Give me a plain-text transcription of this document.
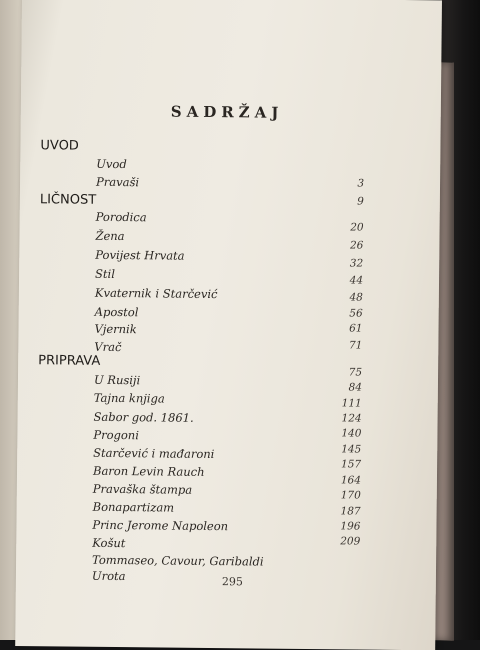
SADRŽAJ
UVOD
LIČNOST
PRIPRAVA
Uvod
Pravaši
Porodica
Žena
Povijest Hrvata
Stil
Kvaternik i Starčević
Apostol
Vjernik
Vrač
U Rusiji
Tajna knjiga
Sabor god. 1861.
Progoni
Starčević i mađaroni
Baron Levin Rauch
Pravaška štampa
Bonapartizam
Princ Jerome Napoleon
Košut
Tommaseo, Cavour, Garibaldi
Urota
3
9
20
26
32
44
48
56
61
71
75
84
111
124
140
145
157
164
170
187
196
209
295
